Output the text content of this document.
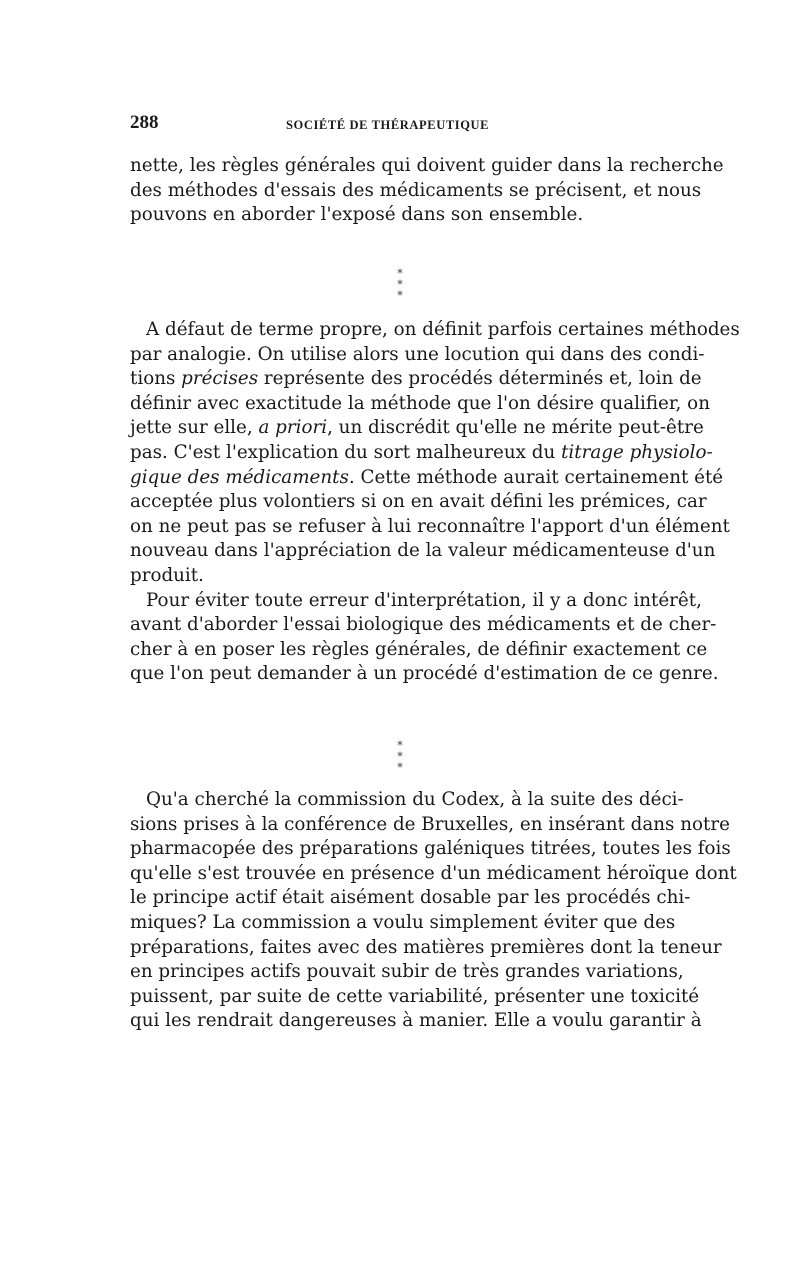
288	SOCIÉTÉ DE THÉRAPEUTIQUE
nette, les règles générales qui doivent guider dans la recherche
des méthodes d'essais des médicaments se précisent, et nous
pouvons en aborder l'exposé dans son ensemble.
*
* *
A défaut de terme propre, on définit parfois certaines méthodes
par analogie. On utilise alors une locution qui dans des condi-
tions précises représente des procédés déterminés et, loin de
définir avec exactitude la méthode que l'on désire qualifier, on
jette sur elle, a priori, un discrédit qu'elle ne mérite peut-être
pas. C'est l'explication du sort malheureux du titrage physiolo-
gique des médicaments. Cette méthode aurait certainement été
acceptée plus volontiers si on en avait défini les prémices, car
on ne peut pas se refuser à lui reconnaître l'apport d'un élément
nouveau dans l'appréciation de la valeur médicamenteuse d'un
produit.
Pour éviter toute erreur d'interprétation, il y a donc intérêt,
avant d'aborder l'essai biologique des médicaments et de cher-
cher à en poser les règles générales, de définir exactement ce
que l'on peut demander à un procédé d'estimation de ce genre.
*
* *
Qu'a cherché la commission du Codex, à la suite des déci-
sions prises à la conférence de Bruxelles, en insérant dans notre
pharmacopée des préparations galéniques titrées, toutes les fois
qu'elle s'est trouvée en présence d'un médicament héroïque dont
le principe actif était aisément dosable par les procédés chi-
miques? La commission a voulu simplement éviter que des
préparations, faites avec des matières premières dont la teneur
en principes actifs pouvait subir de très grandes variations,
puissent, par suite de cette variabilité, présenter une toxicité
qui les rendrait dangereuses à manier. Elle a voulu garantir à
